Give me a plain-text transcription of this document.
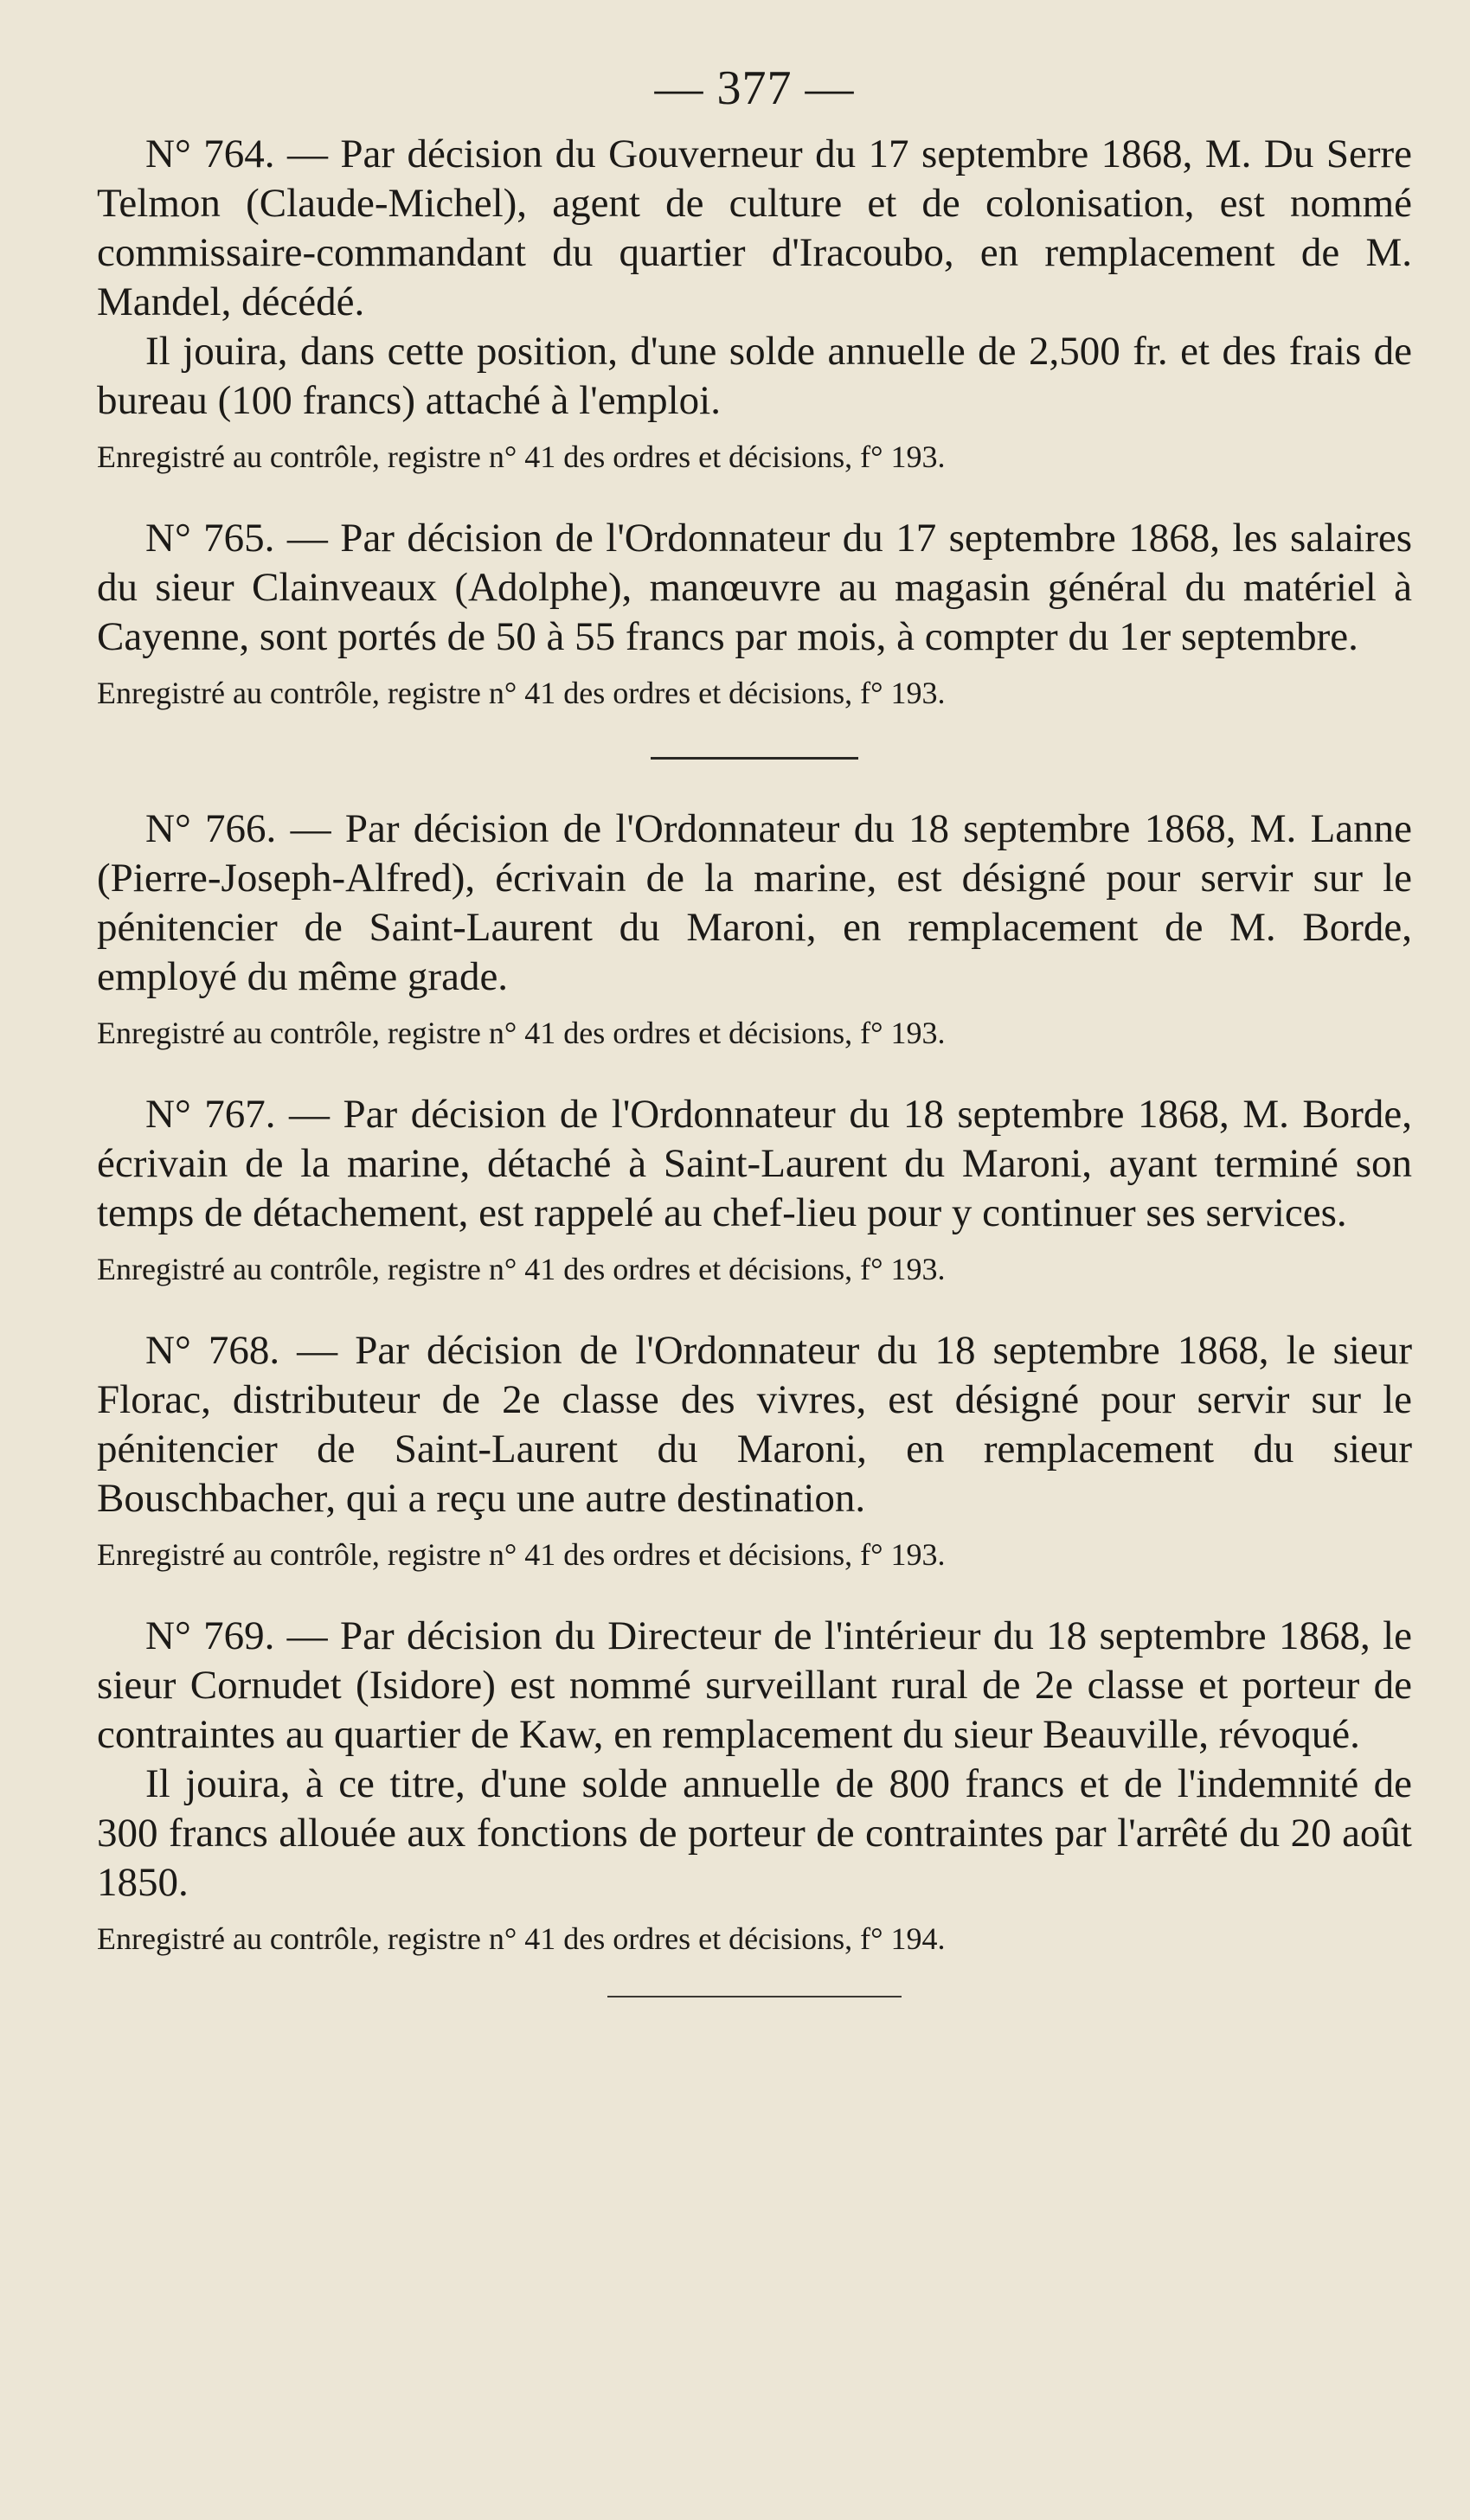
— 377 —

N° 764. — Par décision du Gouverneur du 17 septembre 1868, M. Du Serre Telmon (Claude-Michel), agent de culture et de colonisation, est nommé commissaire-commandant du quartier d'Iracoubo, en remplacement de M. Mandel, décédé.

Il jouira, dans cette position, d'une solde annuelle de 2,500 fr. et des frais de bureau (100 francs) attaché à l'emploi.

Enregistré au contrôle, registre n° 41 des ordres et décisions, f° 193.

N° 765. — Par décision de l'Ordonnateur du 17 septembre 1868, les salaires du sieur Clainveaux (Adolphe), manœuvre au magasin général du matériel à Cayenne, sont portés de 50 à 55 francs par mois, à compter du 1er septembre.

Enregistré au contrôle, registre n° 41 des ordres et décisions, f° 193.

N° 766. — Par décision de l'Ordonnateur du 18 septembre 1868, M. Lanne (Pierre-Joseph-Alfred), écrivain de la marine, est désigné pour servir sur le pénitencier de Saint-Laurent du Maroni, en remplacement de M. Borde, employé du même grade.

Enregistré au contrôle, registre n° 41 des ordres et décisions, f° 193.

N° 767. — Par décision de l'Ordonnateur du 18 septembre 1868, M. Borde, écrivain de la marine, détaché à Saint-Laurent du Maroni, ayant terminé son temps de détachement, est rappelé au chef-lieu pour y continuer ses services.

Enregistré au contrôle, registre n° 41 des ordres et décisions, f° 193.

N° 768. — Par décision de l'Ordonnateur du 18 septembre 1868, le sieur Florac, distributeur de 2e classe des vivres, est désigné pour servir sur le pénitencier de Saint-Laurent du Maroni, en remplacement du sieur Bouschbacher, qui a reçu une autre destination.

Enregistré au contrôle, registre n° 41 des ordres et décisions, f° 193.

N° 769. — Par décision du Directeur de l'intérieur du 18 septembre 1868, le sieur Cornudet (Isidore) est nommé surveillant rural de 2e classe et porteur de contraintes au quartier de Kaw, en remplacement du sieur Beauville, révoqué.

Il jouira, à ce titre, d'une solde annuelle de 800 francs et de l'indemnité de 300 francs allouée aux fonctions de porteur de contraintes par l'arrêté du 20 août 1850.

Enregistré au contrôle, registre n° 41 des ordres et décisions, f° 194.
